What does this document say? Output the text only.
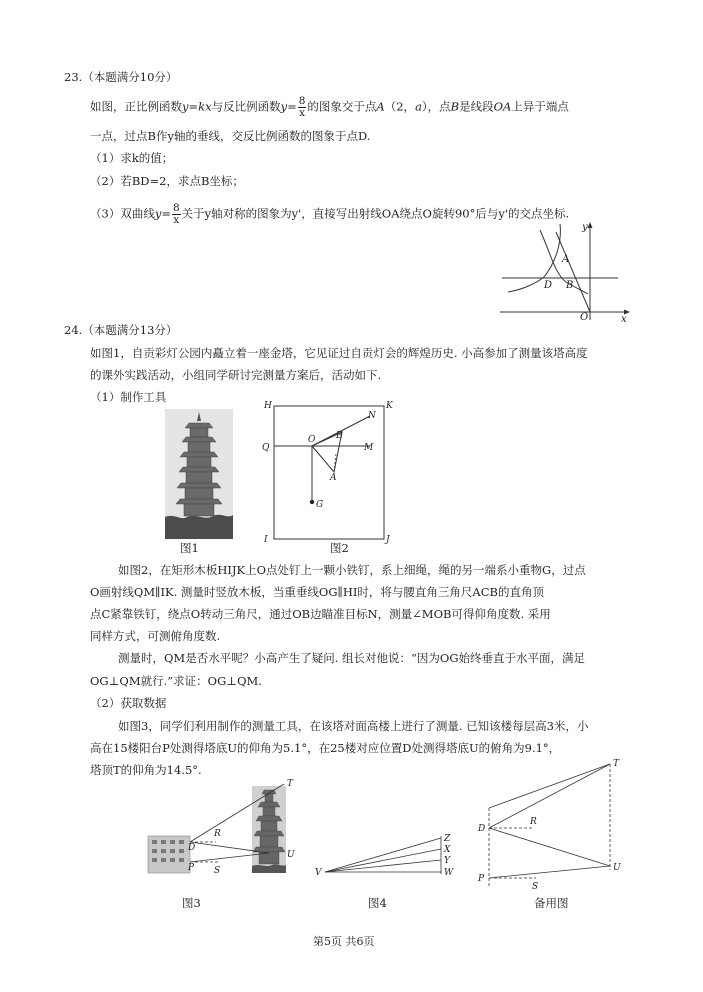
23.（本题满分10分）
如图，正比例函数y=kx与反比例函数$y= \frac{8}{x}$ 的图象交于点A（2，a），点B是线段OA上异于端点
一点，过点B作y轴的垂线，交反比例函数的图象于点D.
（1）求k的值；
（2）若BD=2，求点B坐标；
（3）双曲线$y= \frac{8}{x}$ 关于y轴对称的图象为y'，直接写出射线OA绕点O旋转90°后与y'的交点坐标.
y
x
A
D B
O
24.（本题满分13分）
如图1，自贡彩灯公园内矗立着一座金塔，它见证过自贡灯会的辉煌历史. 小高参加了测量该塔高度
的课外实践活动，小组同学研讨完测量方案后，活动如下.
（1）制作工具
图1
H	K
N
Q
O B
M
A
G
I	J
图2
如图2，在矩形木板HIJK上O点处钉上一颗小铁钉，系上细绳，绳的另一端系小重物G，过点
O画射线QM∥IK. 测量时竖放木板，当重垂线OG∥HI时，将与腰直角三角尺ACB的直角顶
点C紧靠铁钉，绕点O转动三角尺，通过OB边瞄准目标N，测量∠MOB可得仰角度数. 采用
同样方式，可测俯角度数.
测量时，QM是否水平呢？小高产生了疑问. 组长对他说：“因为OG始终垂直于水平面，满足
OG⊥QM就行.”求证：OG⊥QM.
（2）获取数据
如图3，同学们利用制作的测量工具，在该塔对面高楼上进行了测量. 已知该楼每层高3米，小
高在15楼阳台P处测得塔底U的仰角为5.1°，在25楼对应位置D处测得塔底U的俯角为9.1°，
塔顶T的仰角为14.5°.
T
R
D
U
P S
图3
V
Z
X
Y
W
图4
T
D
R
U
P
S
备用图
第5页 共6页
